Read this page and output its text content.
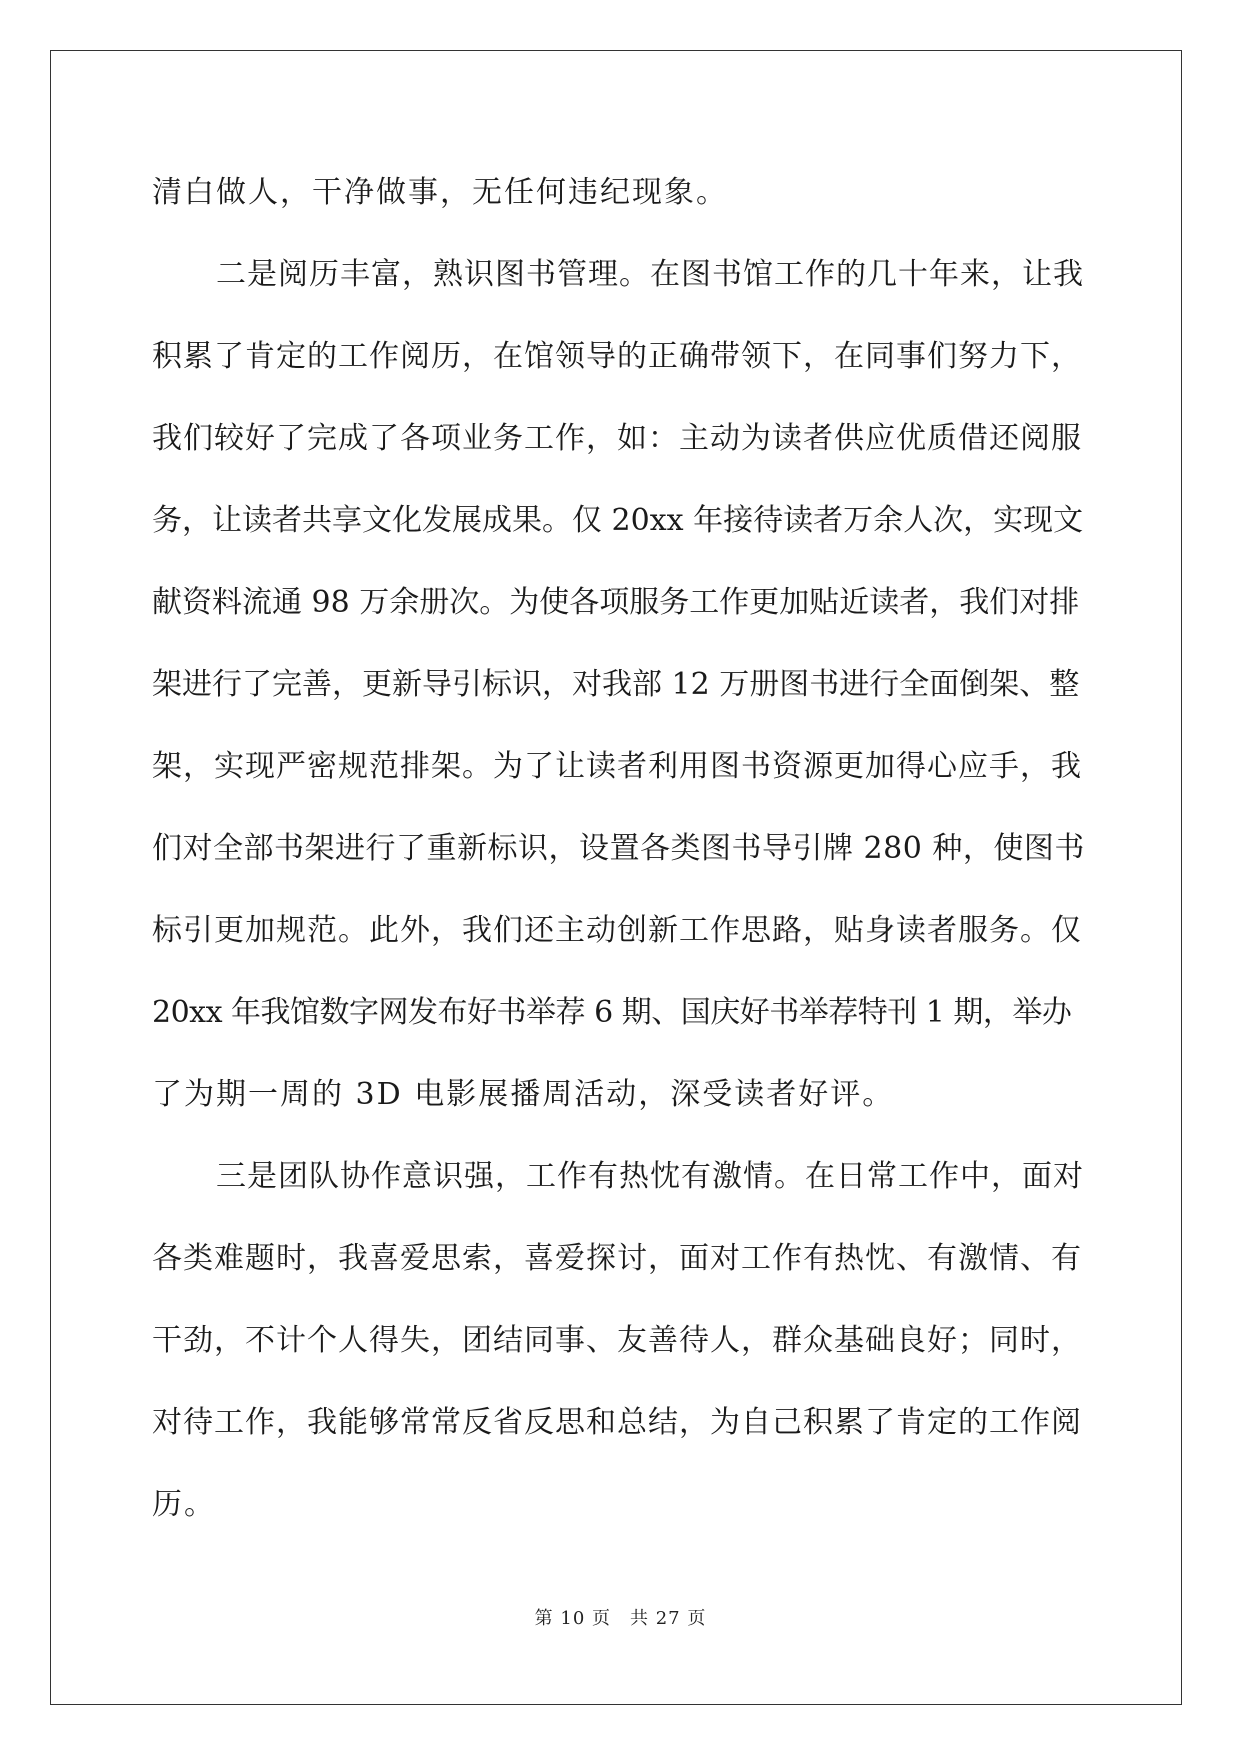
清白做人，干净做事，无任何违纪现象。
二是阅历丰富，熟识图书管理。在图书馆工作的几十年来，让我
积累了肯定的工作阅历，在馆领导的正确带领下，在同事们努力下，
我们较好了完成了各项业务工作，如：主动为读者供应优质借还阅服
务，让读者共享文化发展成果。仅 20xx 年接待读者万余人次，实现文
献资料流通 98 万余册次。为使各项服务工作更加贴近读者，我们对排
架进行了完善，更新导引标识，对我部 12 万册图书进行全面倒架、整
架，实现严密规范排架。为了让读者利用图书资源更加得心应手，我
们对全部书架进行了重新标识，设置各类图书导引牌 280 种，使图书
标引更加规范。此外，我们还主动创新工作思路，贴身读者服务。仅
20xx 年我馆数字网发布好书举荐 6 期、国庆好书举荐特刊 1 期，举办
了为期一周的 3D 电影展播周活动，深受读者好评。
三是团队协作意识强，工作有热忱有激情。在日常工作中，面对
各类难题时，我喜爱思索，喜爱探讨，面对工作有热忱、有激情、有
干劲，不计个人得失，团结同事、友善待人，群众基础良好；同时，
对待工作，我能够常常反省反思和总结，为自己积累了肯定的工作阅
历。
第 10 页　共 27 页
